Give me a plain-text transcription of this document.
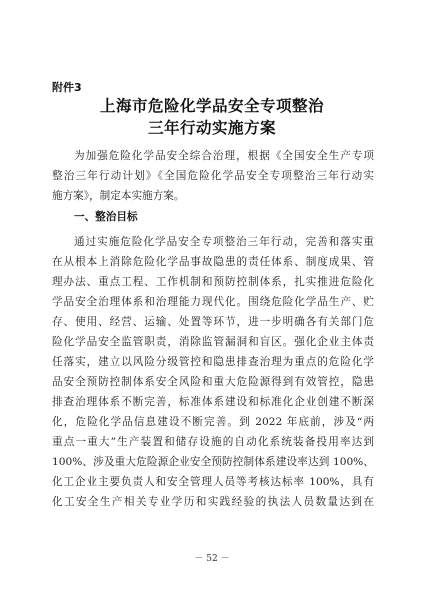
附件3
上海市危险化学品安全专项整治
三年行动实施方案
为加强危险化学品安全综合治理，根据《全国安全生产专项
整治三年行动计划》《全国危险化学品安全专项整治三年行动实
施方案》，制定本实施方案。
一、整治目标
通过实施危险化学品安全专项整治三年行动，完善和落实重
在从根本上消除危险化学品事故隐患的责任体系、制度成果、管
理办法、重点工程、工作机制和预防控制体系，扎实推进危险化
学品安全治理体系和治理能力现代化。围绕危险化学品生产、贮
存、使用、经营、运输、处置等环节，进一步明确各有关部门危
险化学品安全监管职责，消除监管漏洞和盲区。强化企业主体责
任落实，建立以风险分级管控和隐患排查治理为重点的危险化学
品安全预防控制体系安全风险和重大危险源得到有效管控，隐患
排查治理体系不断完善，标准体系建设和标准化企业创建不断深
化，危险化学品信息建设不断完善。到 2022 年底前，涉及“两
重点一重大”生产装置和储存设施的自动化系统装备投用率达到
100%、涉及重大危险源企业安全预防控制体系建设率达到 100%、
化工企业主要负责人和安全管理人员等考核达标率 100%，具有
化工安全生产相关专业学历和实践经验的执法人员数量达到在
－ 52 －
